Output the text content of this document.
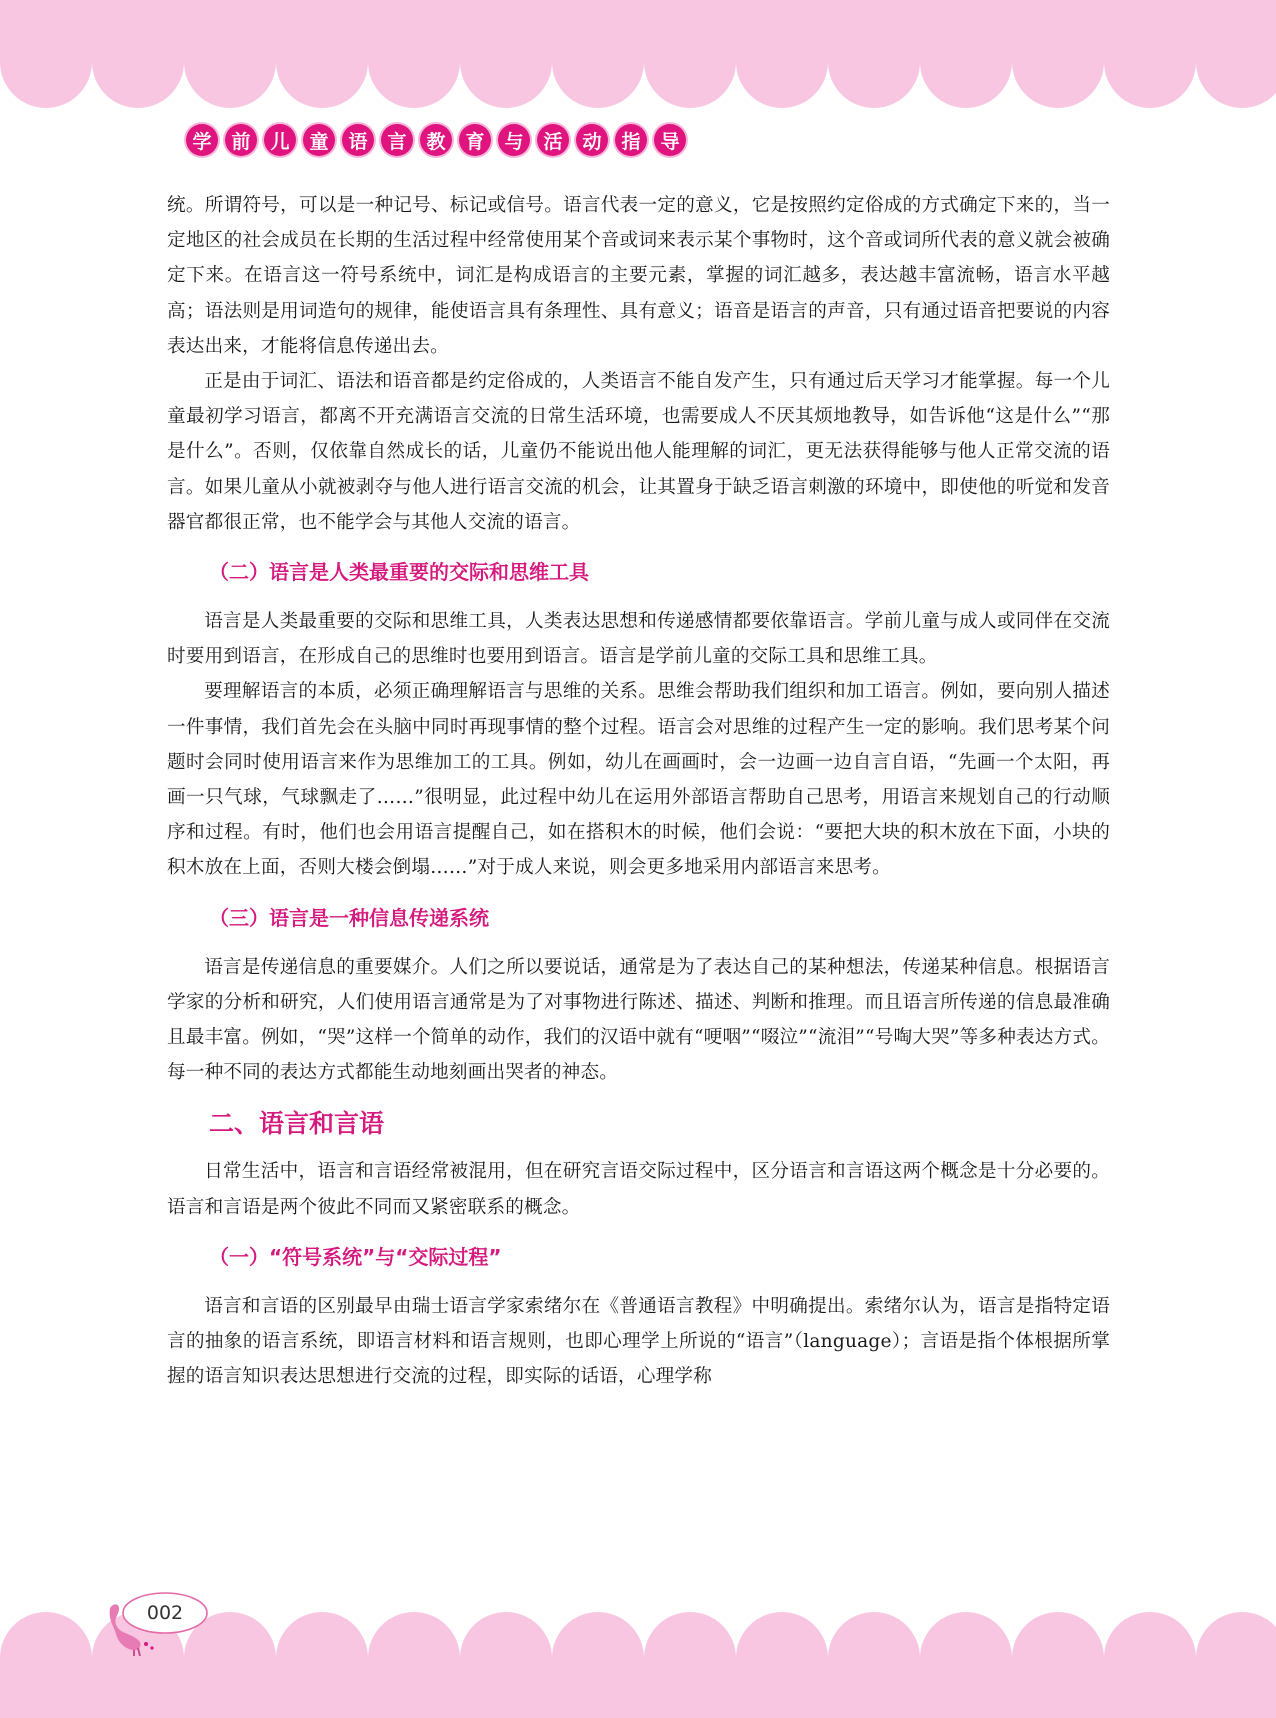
学	前	儿	童	语	言	教	育	与	活	动	指	导

统。所谓符号，可以是一种记号、标记或信号。语言代表一定的意义，它是按照约定俗成的方式确定下来的，当一定地区的社会成员在长期的生活过程中经常使用某个音或词来表示某个事物时，这个音或词所代表的意义就会被确定下来。在语言这一符号系统中，词汇是构成语言的主要元素，掌握的词汇越多，表达越丰富流畅，语言水平越高；语法则是用词造句的规律，能使语言具有条理性、具有意义；语音是语言的声音，只有通过语音把要说的内容表达出来，才能将信息传递出去。

正是由于词汇、语法和语音都是约定俗成的，人类语言不能自发产生，只有通过后天学习才能掌握。每一个儿童最初学习语言，都离不开充满语言交流的日常生活环境，也需要成人不厌其烦地教导，如告诉他“这是什么”“那是什么”。否则，仅依靠自然成长的话，儿童仍不能说出他人能理解的词汇，更无法获得能够与他人正常交流的语言。如果儿童从小就被剥夺与他人进行语言交流的机会，让其置身于缺乏语言刺激的环境中，即使他的听觉和发音器官都很正常，也不能学会与其他人交流的语言。

（二）语言是人类最重要的交际和思维工具

语言是人类最重要的交际和思维工具，人类表达思想和传递感情都要依靠语言。学前儿童与成人或同伴在交流时要用到语言，在形成自己的思维时也要用到语言。语言是学前儿童的交际工具和思维工具。

要理解语言的本质，必须正确理解语言与思维的关系。思维会帮助我们组织和加工语言。例如，要向别人描述一件事情，我们首先会在头脑中同时再现事情的整个过程。语言会对思维的过程产生一定的影响。我们思考某个问题时会同时使用语言来作为思维加工的工具。例如，幼儿在画画时，会一边画一边自言自语，“先画一个太阳，再画一只气球，气球飘走了……”很明显，此过程中幼儿在运用外部语言帮助自己思考，用语言来规划自己的行动顺序和过程。有时，他们也会用语言提醒自己，如在搭积木的时候，他们会说：“要把大块的积木放在下面，小块的积木放在上面，否则大楼会倒塌……”对于成人来说，则会更多地采用内部语言来思考。

（三）语言是一种信息传递系统

语言是传递信息的重要媒介。人们之所以要说话，通常是为了表达自己的某种想法，传递某种信息。根据语言学家的分析和研究，人们使用语言通常是为了对事物进行陈述、描述、判断和推理。而且语言所传递的信息最准确且最丰富。例如，“哭”这样一个简单的动作，我们的汉语中就有“哽咽”“啜泣”“流泪”“号啕大哭”等多种表达方式。每一种不同的表达方式都能生动地刻画出哭者的神态。

二、语言和言语

日常生活中，语言和言语经常被混用，但在研究言语交际过程中，区分语言和言语这两个概念是十分必要的。语言和言语是两个彼此不同而又紧密联系的概念。

（一）“符号系统”与“交际过程”

语言和言语的区别最早由瑞士语言学家索绪尔在《普通语言教程》中明确提出。索绪尔认为，语言是指特定语言的抽象的语言系统，即语言材料和语言规则，也即心理学上所说的“语言”（language）；言语是指个体根据所掌握的语言知识表达思想进行交流的过程，即实际的话语，心理学称

002
